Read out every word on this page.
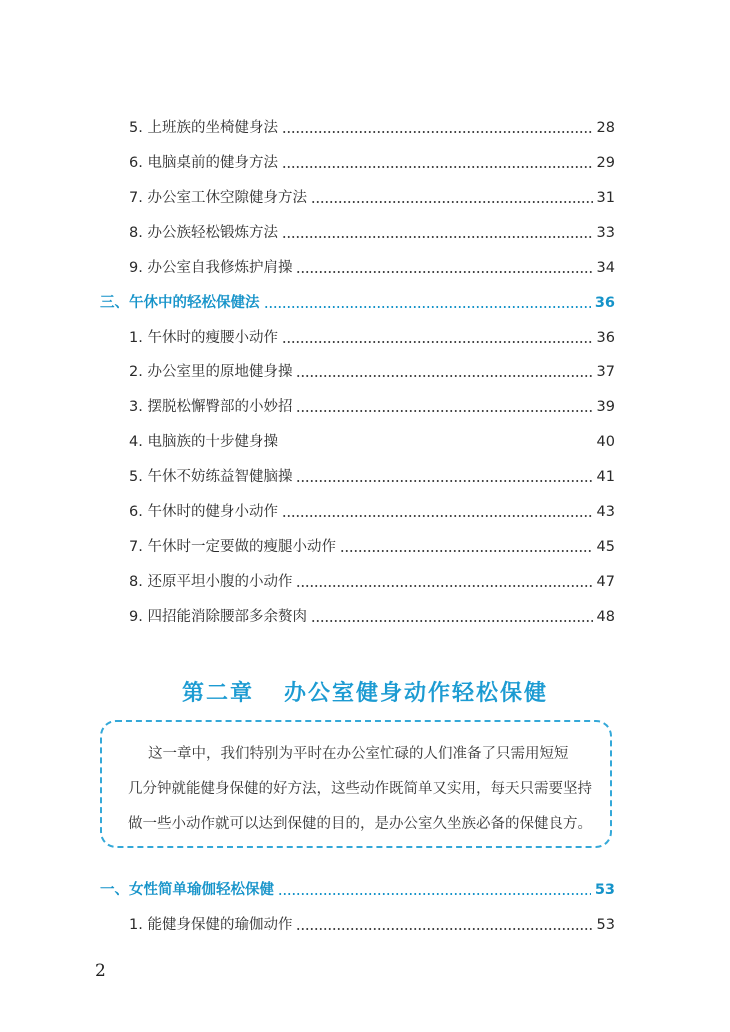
5. 上班族的坐椅健身法	28
6. 电脑桌前的健身方法	29
7. 办公室工休空隙健身方法	31
8. 办公族轻松锻炼方法	33
9. 办公室自我修炼护肩操	34
三、午休中的轻松保健法	36
1. 午休时的瘦腰小动作	36
2. 办公室里的原地健身操	37
3. 摆脱松懈臀部的小妙招	39
4. 电脑族的十步健身操	40
5. 午休不妨练益智健脑操	41
6. 午休时的健身小动作	43
7. 午休时一定要做的瘦腿小动作	45
8. 还原平坦小腹的小动作	47
9. 四招能消除腰部多余赘肉	48
第二章 办公室健身动作轻松保健
这一章中，我们特别为平时在办公室忙碌的人们准备了只需用短短
几分钟就能健身保健的好方法，这些动作既简单又实用，每天只需要坚持
做一些小动作就可以达到保健的目的，是办公室久坐族必备的保健良方。
一、女性简单瑜伽轻松保健	53
1. 能健身保健的瑜伽动作	53
2
